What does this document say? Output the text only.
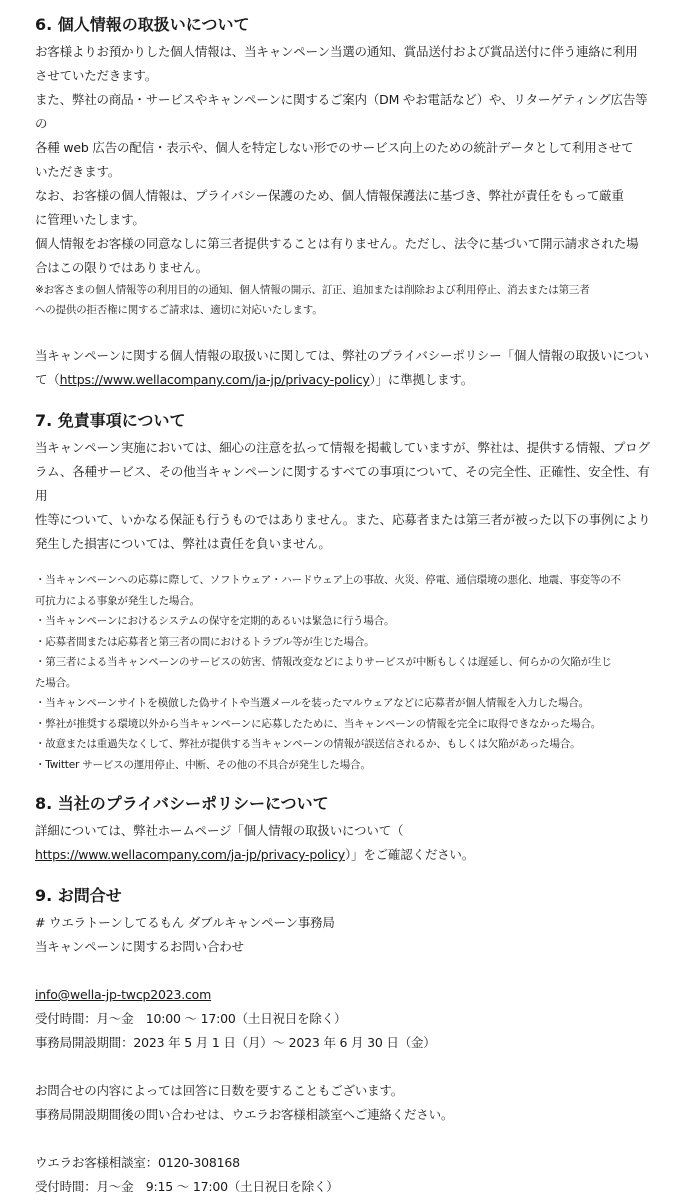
6. 個人情報の取扱いについて

お客様よりお預かりした個人情報は、当キャンペーン当選の通知、賞品送付および賞品送付に伴う連絡に利用

させていただきます。

また、弊社の商品・サービスやキャンペーンに関するご案内（DM やお電話など）や、リターゲティング広告等の

各種 web 広告の配信・表示や、個人を特定しない形でのサービス向上のための統計データとして利用させて

いただきます。

なお、お客様の個人情報は、プライバシー保護のため、個人情報保護法に基づき、弊社が責任をもって厳重

に管理いたします。

個人情報をお客様の同意なしに第三者提供することは有りません。ただし、法令に基づいて開示請求された場

合はこの限りではありません。

※お客さまの個人情報等の利用目的の通知、個人情報の開示、訂正、追加または削除および利用停止、消去または第三者

への提供の拒否権に関するご請求は、適切に対応いたします。

当キャンペーンに関する個人情報の取扱いに関しては、弊社のプライバシーポリシー「個人情報の取扱いについ

て（https://www.wellacompany.com/ja-jp/privacy-policy）」に準拠します。

7. 免責事項について

当キャンペーン実施においては、細心の注意を払って情報を掲載していますが、弊社は、提供する情報、プログ

ラム、各種サービス、その他当キャンペーンに関するすべての事項について、その完全性、正確性、安全性、有用

性等について、いかなる保証も行うものではありません。また、応募者または第三者が被った以下の事例により

発生した損害については、弊社は責任を負いません。

・当キャンペーンへの応募に際して、ソフトウェア・ハードウェア上の事故、火災、停電、通信環境の悪化、地震、事変等の不

可抗力による事象が発生した場合。

・当キャンペーンにおけるシステムの保守を定期的あるいは緊急に行う場合。

・応募者間または応募者と第三者の間におけるトラブル等が生じた場合。

・第三者による当キャンペーンのサービスの妨害、情報改変などによりサービスが中断もしくは遅延し、何らかの欠陥が生じ

た場合。

・当キャンペーンサイトを模倣した偽サイトや当選メールを装ったマルウェアなどに応募者が個人情報を入力した場合。

・弊社が推奨する環境以外から当キャンペーンに応募したために、当キャンペーンの情報を完全に取得できなかった場合。

・故意または重過失なくして、弊社が提供する当キャンペーンの情報が誤送信されるか、もしくは欠陥があった場合。

・Twitter サービスの運用停止、中断、その他の不具合が発生した場合。

8. 当社のプライバシーポリシーについて

詳細については、弊社ホームページ「個人情報の取扱いについて（

https://www.wellacompany.com/ja-jp/privacy-policy）」をご確認ください。

9. お問合せ

# ウエラトーンしてるもん ダブルキャンペーン事務局

当キャンペーンに関するお問い合わせ

info@wella-jp-twcp2023.com

受付時間：月～金　10:00 ～ 17:00（土日祝日を除く）

事務局開設期間：2023 年 5 月 1 日（月）～ 2023 年 6 月 30 日（金）

お問合せの内容によっては回答に日数を要することもございます。

事務局開設期間後の問い合わせは、ウエラお客様相談室へご連絡ください。

ウエラお客様相談室：0120-308168

受付時間：月～金　9:15 ～ 17:00（土日祝日を除く）
